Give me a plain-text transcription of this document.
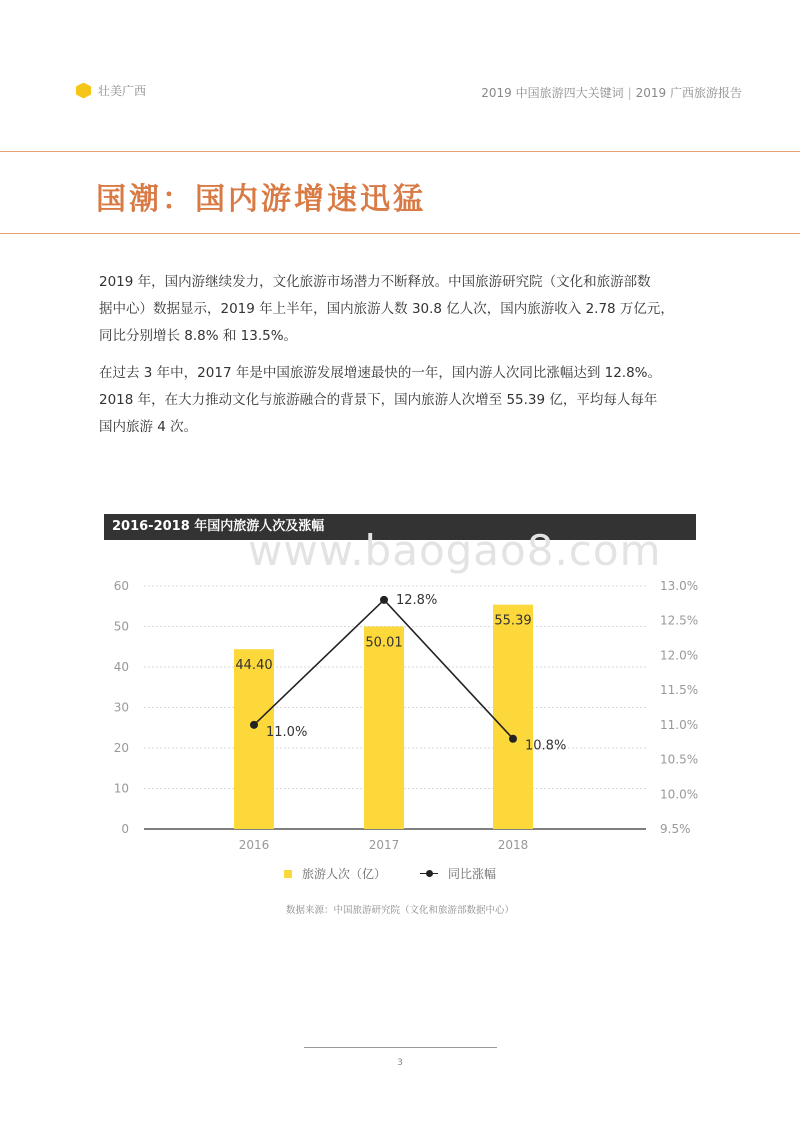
壮美广西	2019 中国旅游四大关键词 | 2019 广西旅游报告
国潮：国内游增速迅猛
2019 年，国内游继续发力，文化旅游市场潜力不断释放。中国旅游研究院（文化和旅游部数
据中心）数据显示，2019 年上半年，国内旅游人数 30.8 亿人次，国内旅游收入 2.78 万亿元，
同比分别增长 8.8% 和 13.5%。
在过去 3 年中，2017 年是中国旅游发展增速最快的一年，国内游人次同比涨幅达到 12.8%。
2018 年，在大力推动文化与旅游融合的背景下，国内旅游人次增至 55.39 亿，平均每人每年
国内旅游 4 次。
2016-2018 年国内旅游人次及涨幅
www.baogao8.com
0
10
20
30
40
50
60
9.5%
10.0%
10.5%
11.0%
11.5%
12.0%
12.5%
13.0%
44.40
50.01
55.39
2016	2017	2018
11.0%
12.8%
10.8%
旅游人次（亿）	同比涨幅
数据来源：中国旅游研究院（文化和旅游部数据中心）
3
